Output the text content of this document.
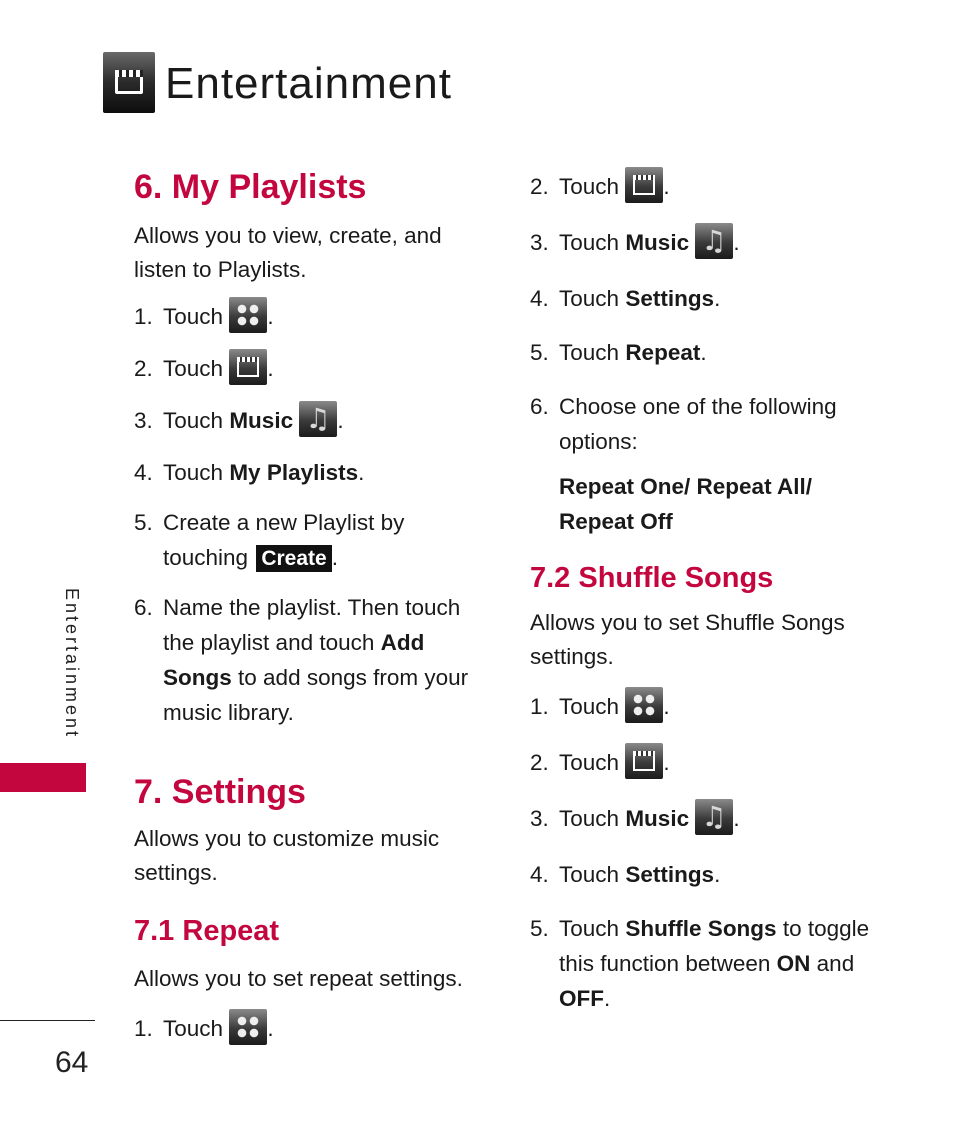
Entertainment
Entertainment
64
6. My Playlists

Allows you to view, create, and listen to Playlists.

1. Touch .
2. Touch .
3. Touch Music ♫ .
4. Touch My Playlists.
5. Create a new Playlist by touching Create .
6. Name the playlist. Then touch the playlist and touch Add Songs to add songs from your music library.
7. Settings

Allows you to customize music settings.

7.1 Repeat

Allows you to set repeat settings.

1. Touch .
2. Touch .
3. Touch Music ♫ .
4. Touch Settings.
5. Touch Repeat.
6. Choose one of the following options:

Repeat One/ Repeat All/ Repeat Off

7.2 Shuffle Songs

Allows you to set Shuffle Songs settings.

1. Touch .
2. Touch .
3. Touch Music ♫ .
4. Touch Settings.
5. Touch Shuffle Songs to toggle this function between ON and OFF.
